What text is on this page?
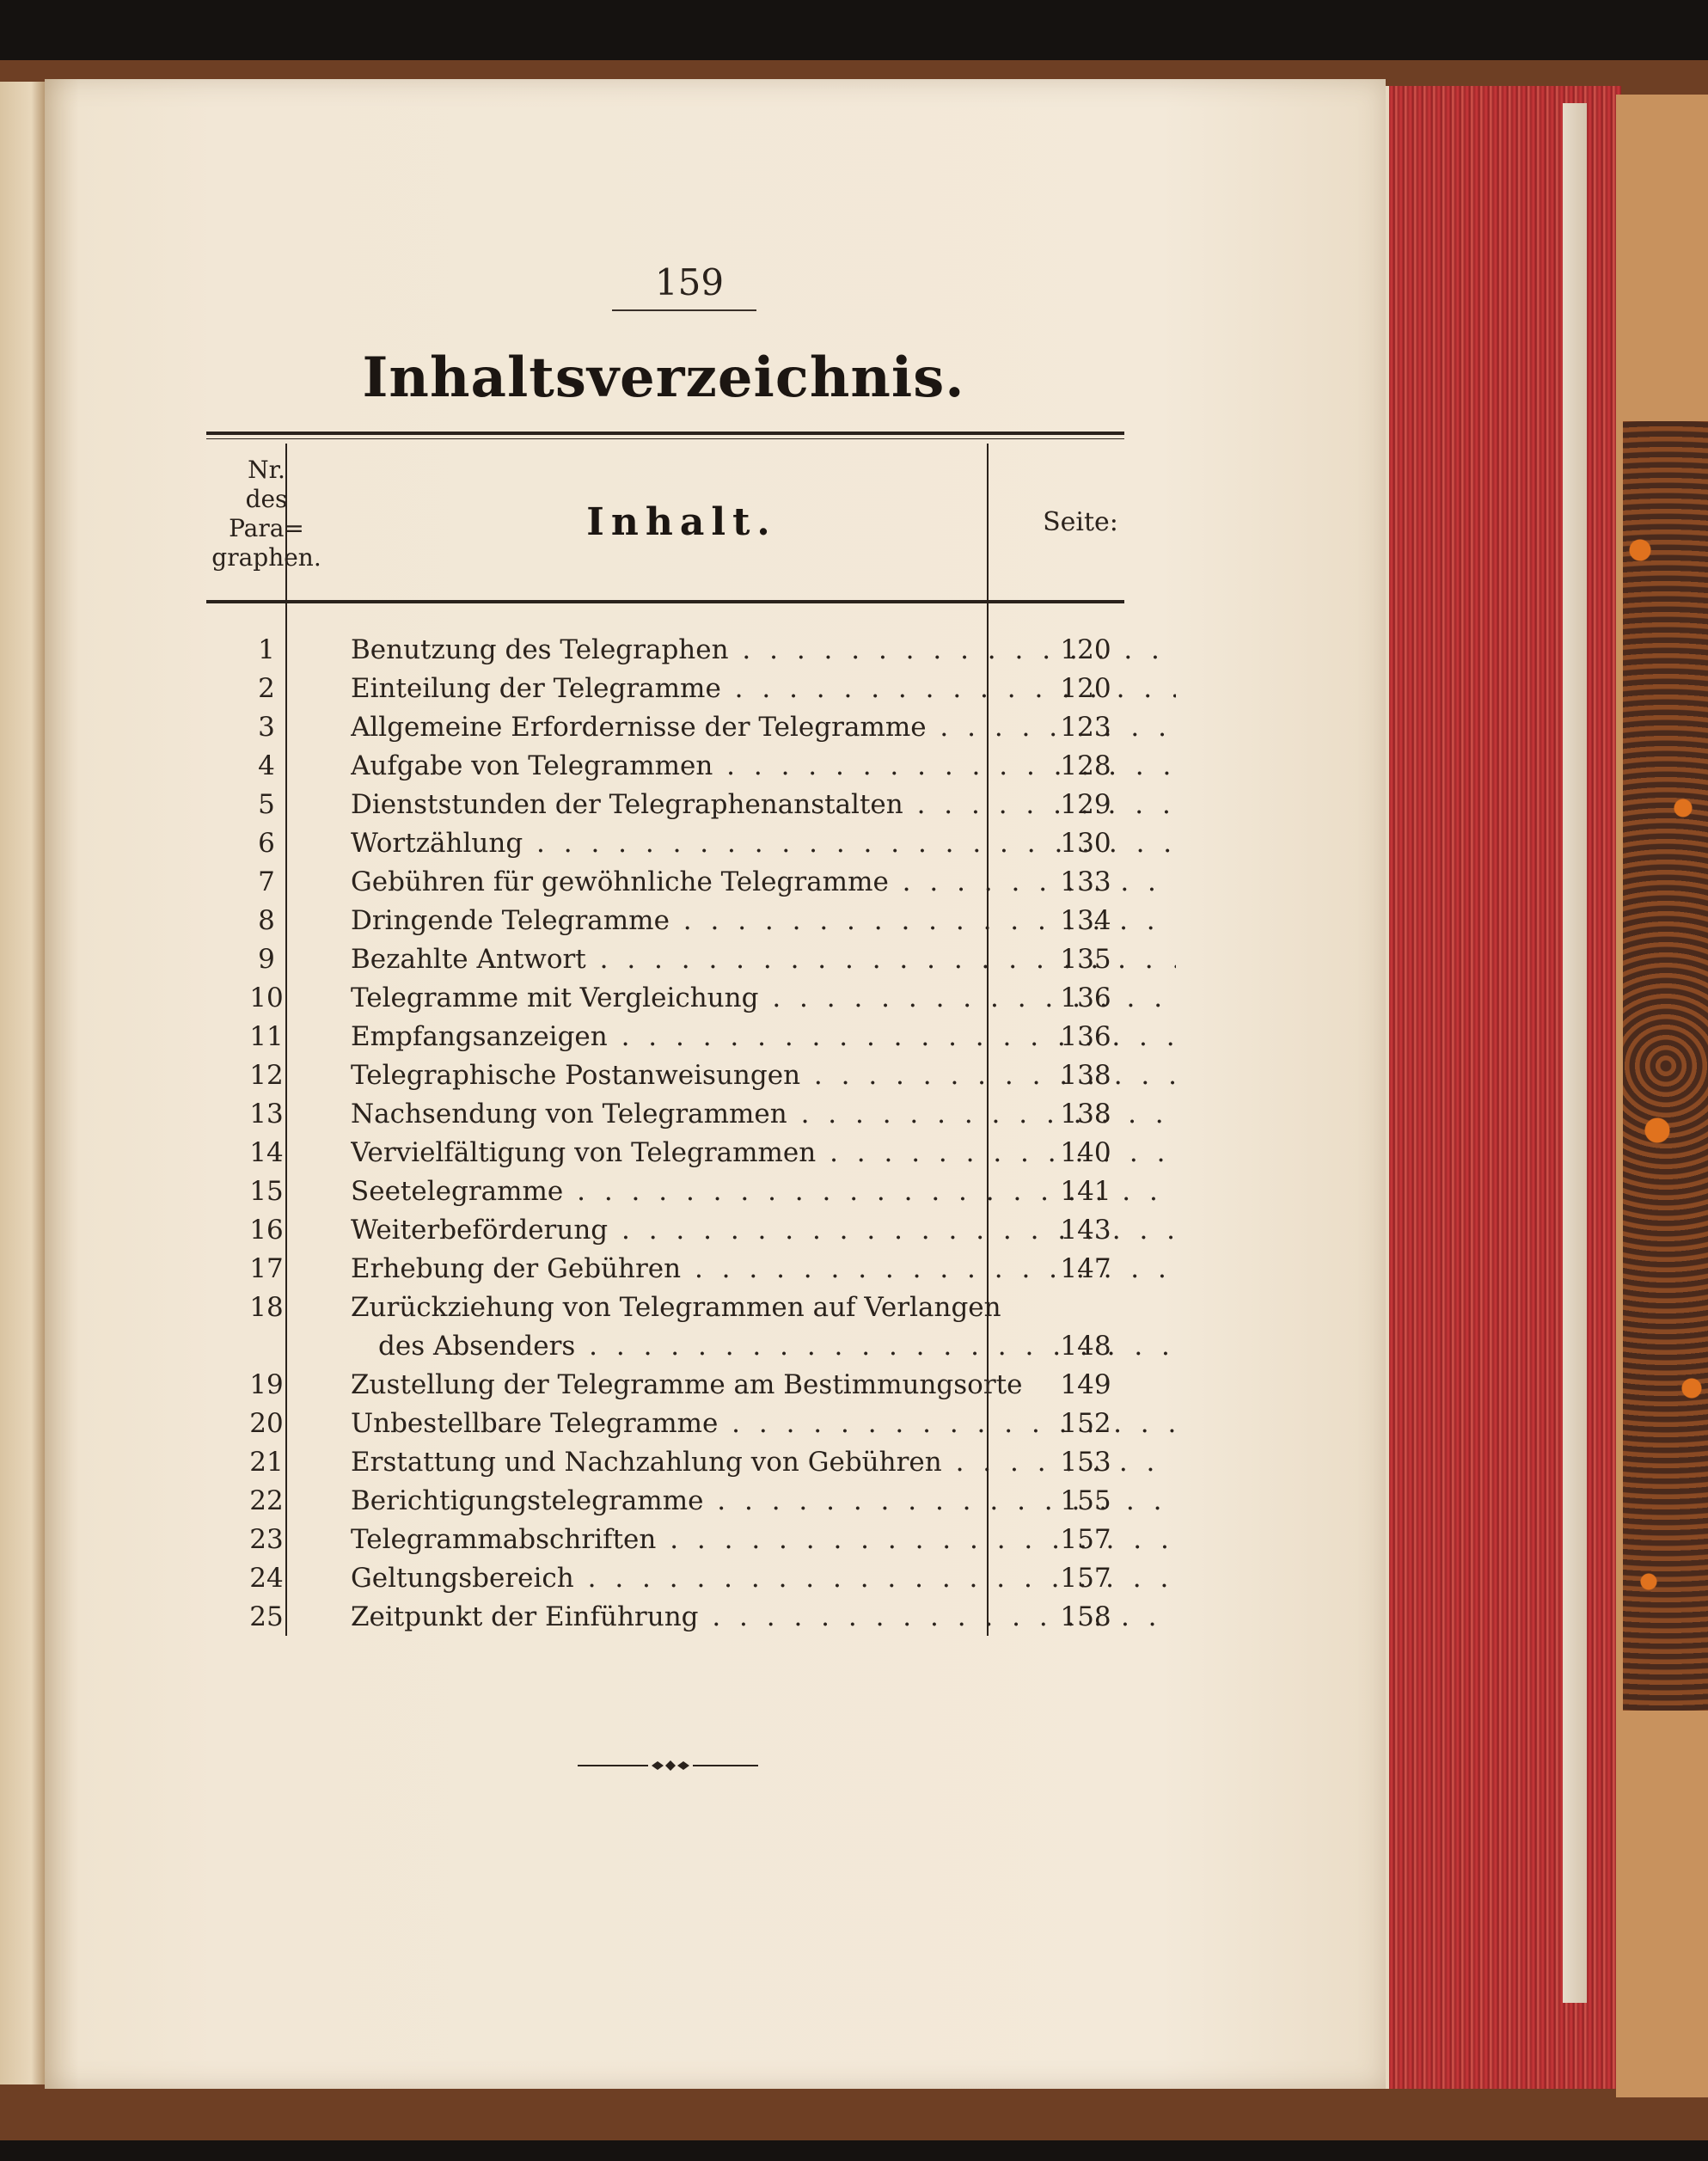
159
Inhaltsverzeichnis.
Nr.
des
Para=
graphen.
Inhalt.	Seite:
1	Benutzung des Telegraphen . . .	120
2	Einteilung der Telegramme . . .	120
3	Allgemeine Erfordernisse der Telegramme . . .	123
4	Aufgabe von Telegrammen . . .	128
5	Dienststunden der Telegraphenanstalten . . .	129
6	Wortzählung . . .	130
7	Gebühren für gewöhnliche Telegramme . . .	133
8	Dringende Telegramme . . .	134
9	Bezahlte Antwort . . .	135
10	Telegramme mit Vergleichung . . .	136
11	Empfangsanzeigen . . .	136
12	Telegraphische Postanweisungen . . .	138
13	Nachsendung von Telegrammen . . .	138
14	Vervielfältigung von Telegrammen . . .	140
15	Seetelegramme . . .	141
16	Weiterbeförderung . . .	143
17	Erhebung der Gebühren . . .	147
18	Zurückziehung von Telegrammen auf Verlangen
des Absenders . . .	148
19	Zustellung der Telegramme am Bestimmungsorte	149
20	Unbestellbare Telegramme . . .	152
21	Erstattung und Nachzahlung von Gebühren . . .	153
22	Berichtigungstelegramme . . .	155
23	Telegrammabschriften . . .	157
24	Geltungsbereich . . .	157
25	Zeitpunkt der Einführung . . .	158
